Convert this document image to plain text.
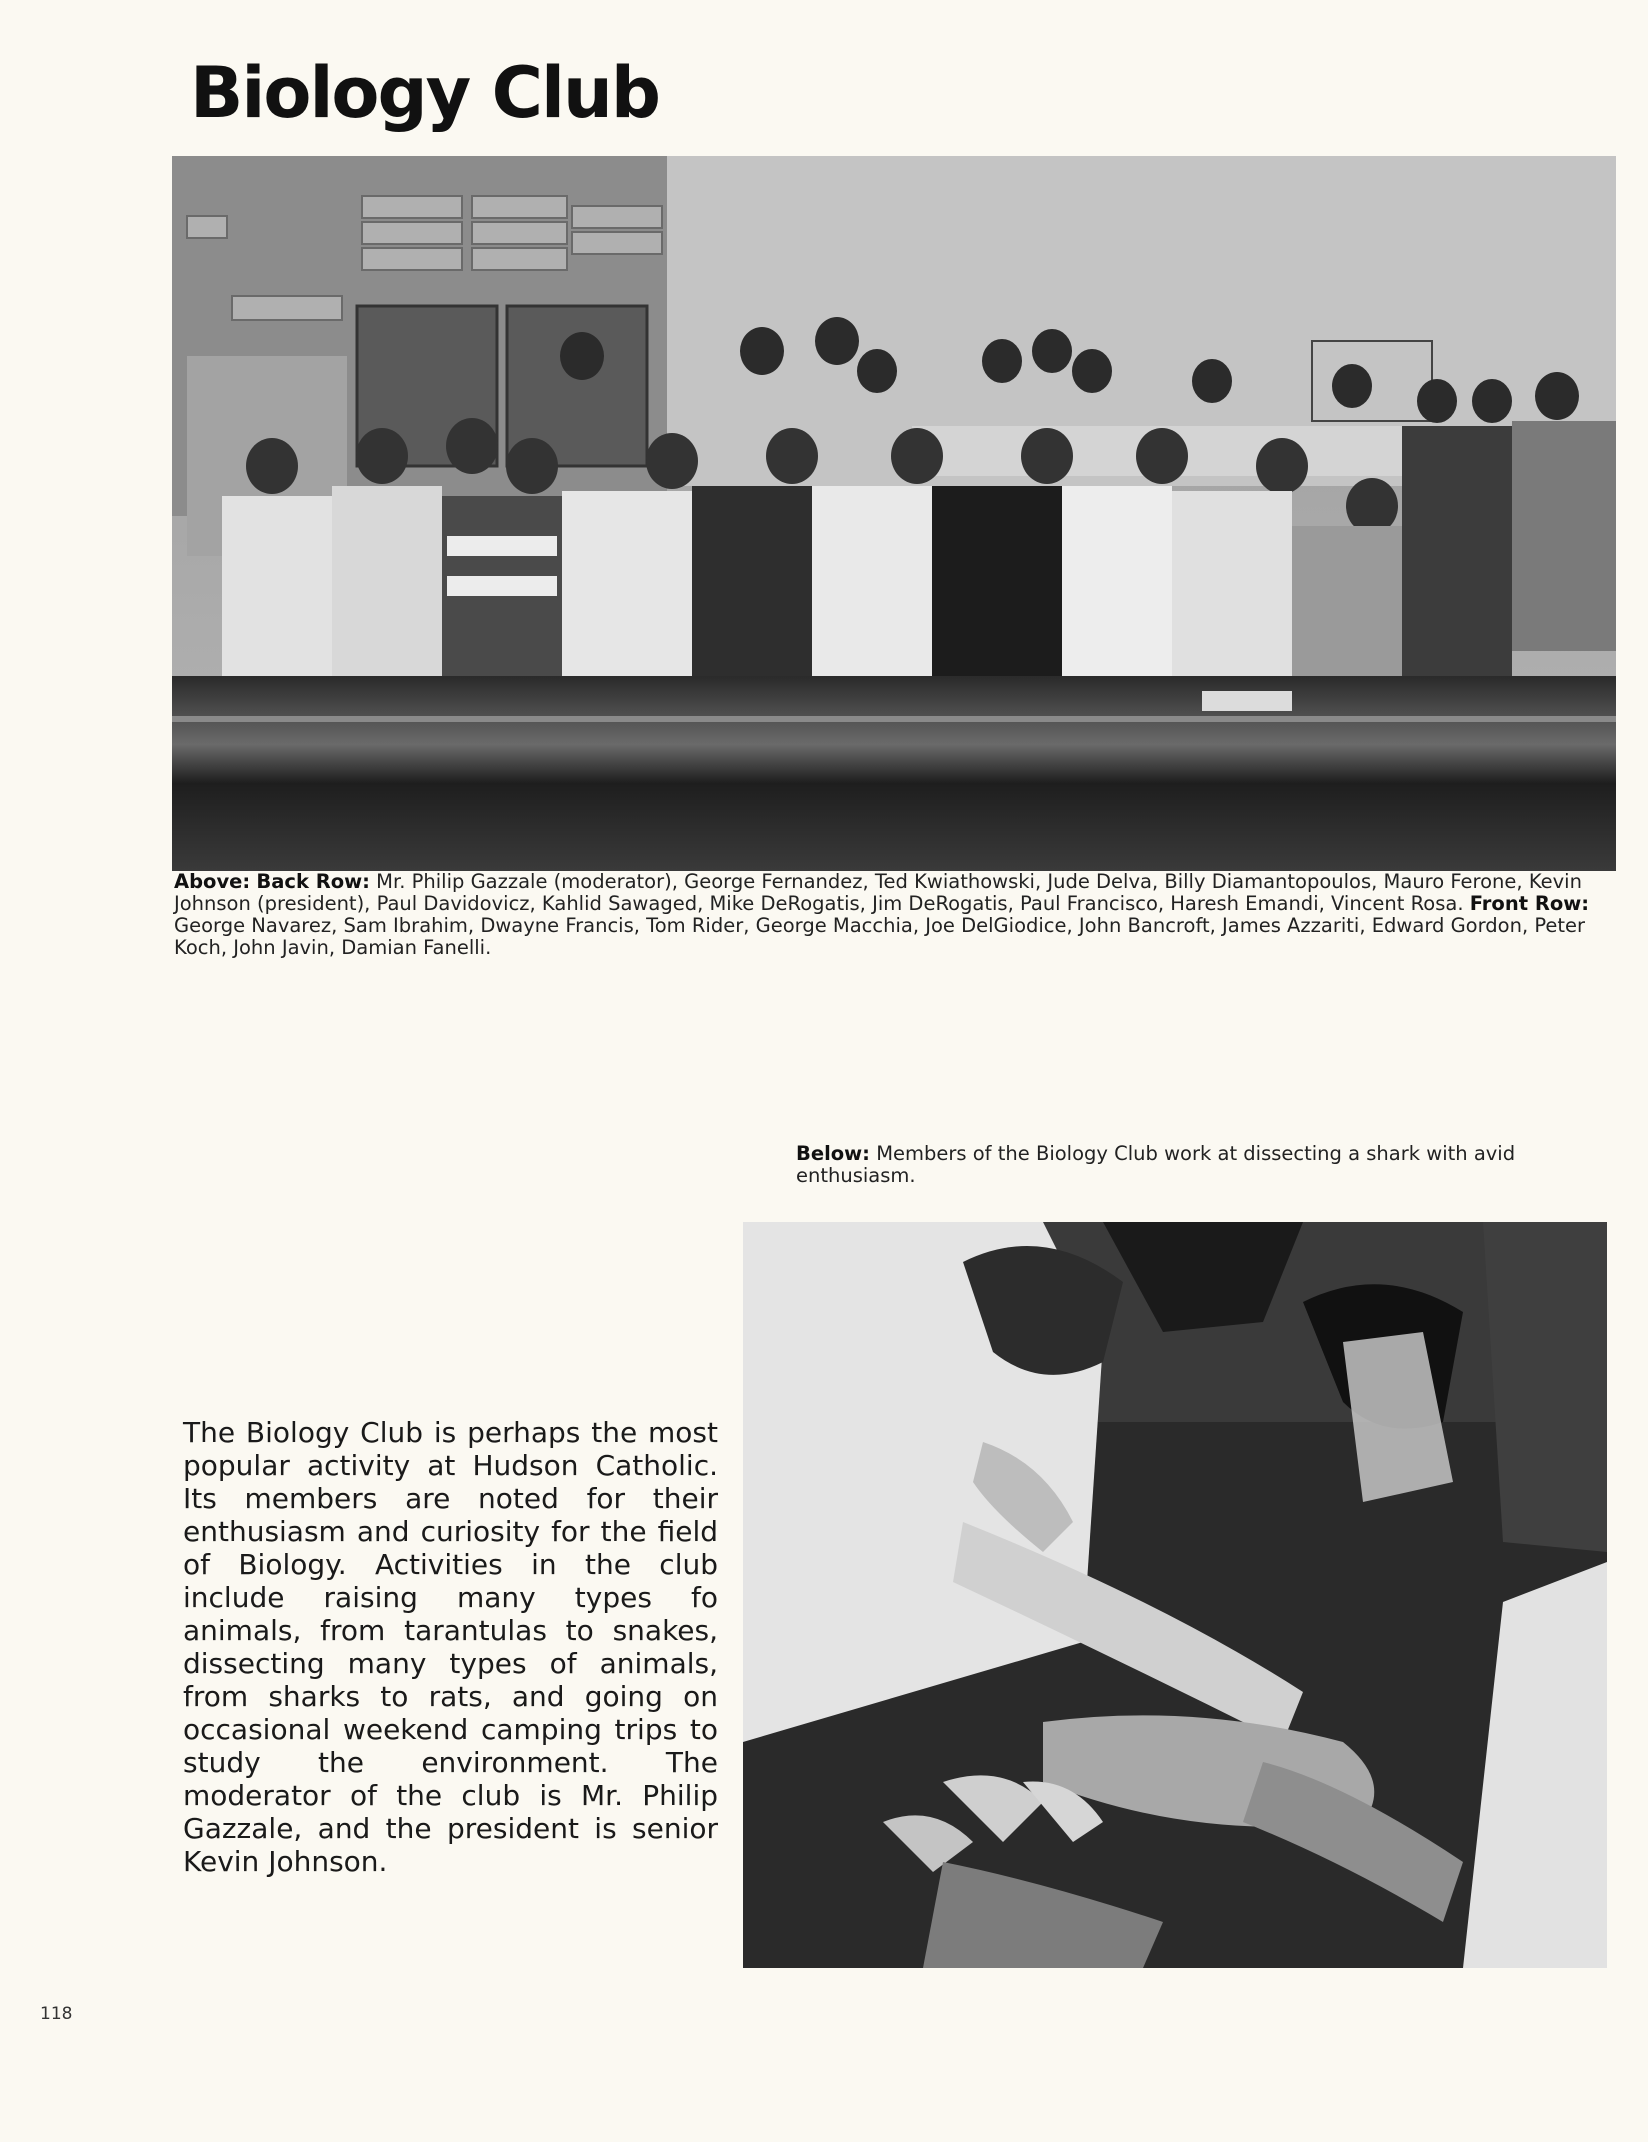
Biology Club
Above: Back Row: Mr. Philip Gazzale (moderator), George Fernandez, Ted Kwiathowski, Jude Delva, Billy Diamantopoulos, Mauro Ferone, Kevin Johnson (president), Paul Davidovicz, Kahlid Sawaged, Mike DeRogatis, Jim DeRogatis, Paul Francisco, Haresh Emandi, Vincent Rosa. Front Row: George Navarez, Sam Ibrahim, Dwayne Francis, Tom Rider, George Macchia, Joe DelGiodice, John Bancroft, James Azzariti, Edward Gordon, Peter Koch, John Javin, Damian Fanelli.
Below: Members of the Biology Club work at dissecting a shark with avid enthusiasm.
The Biology Club is perhaps the most popular activity at Hudson Catholic. Its members are noted for their enthusiasm and curiosity for the field of Biology. Activities in the club include raising many types fo animals, from tarantulas to snakes, dissecting many types of animals, from sharks to rats, and going on occasional weekend camping trips to study the environment. The moderator of the club is Mr. Philip Gazzale, and the president is senior Kevin Johnson.
118
